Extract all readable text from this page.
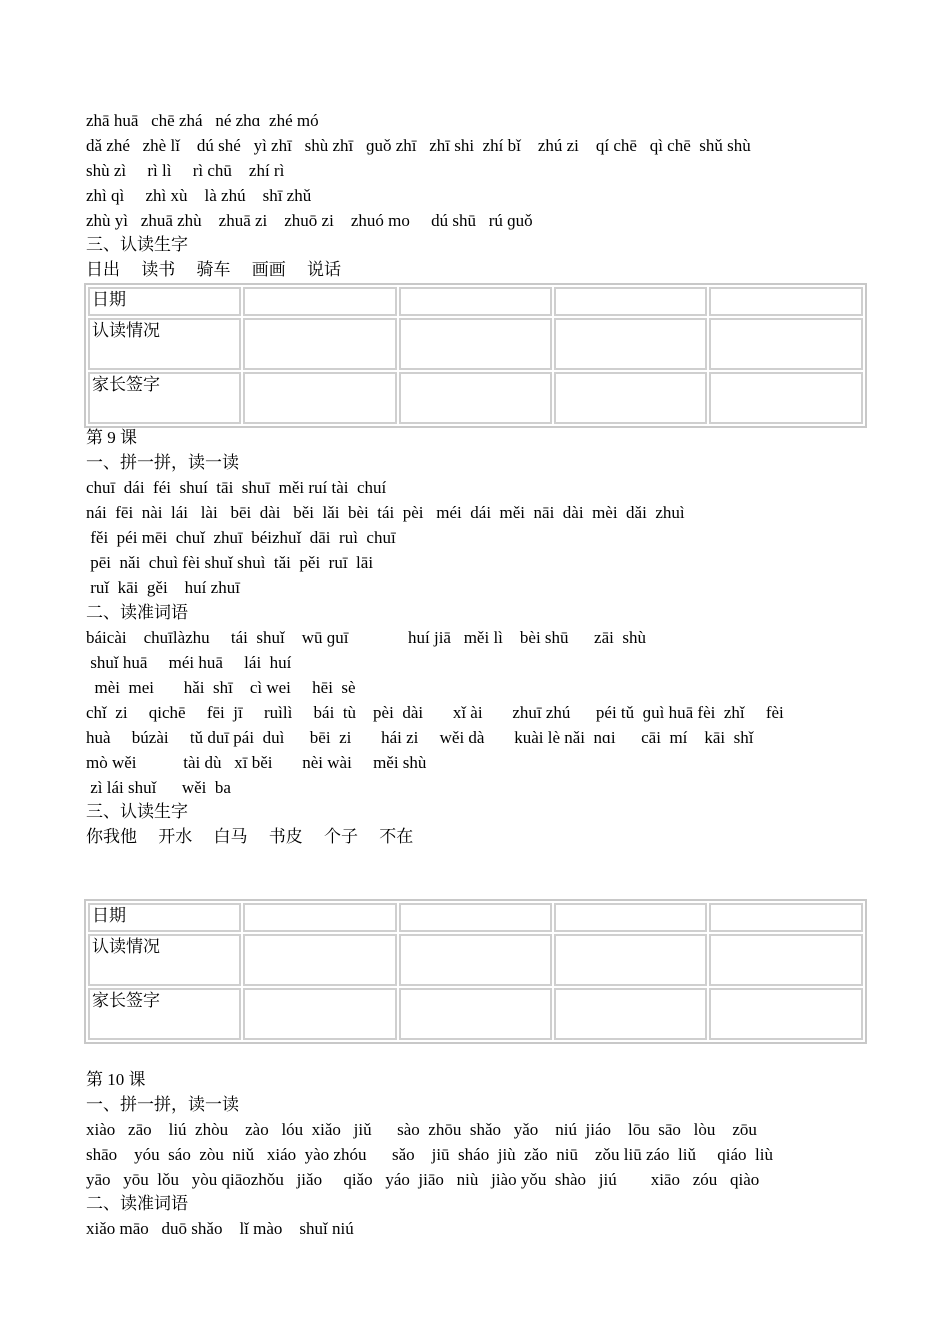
zhā huā   chē zhá   né zhɑ  zhé mó
dǎ zhé   zhè lǐ    dú shé   yì zhī   shù zhī   ɡuǒ zhī   zhī shi  zhí bǐ    zhú zi    qí chē   qì chē  shǔ shù
shù zì     rì lì     rì chū    zhí rì
zhì qì     zhì xù    là zhú    shī zhǔ
zhù yì   zhuā zhù    zhuā zi    zhuō zi    zhuó mo     dú shū   rú ɡuǒ
三、认读生字
日出     读书     骑车     画画     说话
日期				
认读情况				
家长签字				
第 9 课
一、拼一拼，读一读
chuī  dái  féi  shuí  tāi  shuī  měi ruí tài  chuí
nái  fēi  nài  lái   lài   bēi  dài   běi  lǎi  bèi  tái  pèi   méi  dái  měi  nāi  dài  mèi  dǎi  zhuì
fěi  péi mēi  chuǐ  zhuī  béizhuǐ  dāi  ruì  chuī
pēi  nǎi  chuì fèi shuǐ shuì  tǎi  pěi  ruī  lāi
ruǐ  kāi  gěi    huí zhuī
二、读准词语
báicài    chuīlàzhu     tái  shuǐ    wū ɡuī              huí jiā   měi lì    bèi shū      zāi  shù
shuǐ huā     méi huā     lái  huí
mèi  mei       hǎi  shī    cì wei     hēi  sè
chǐ  zi     qichē     fēi  jī     ruìlì     bái  tù    pèi  dài       xǐ ài       zhuī zhú      péi tǔ  ɡuì huā fèi  zhǐ     fèi
huà     búzài     tǔ duī pái  duì      bēi  zi       hái zi     wěi dà       kuài lè nǎi  nɑi      cāi  mí    kāi  shǐ
mò wěi           tài dù   xī běi       nèi wài     měi shù
zì lái shuǐ      wěi  ba
三、认读生字
你我他     开水     白马     书皮     个子     不在
日期				
认读情况				
家长签字				
第 10 课
一、拼一拼，读一读
xiào   zāo    liú  zhòu    zào   lóu  xiǎo   jiǔ      sào  zhōu  shǎo   yǎo    niú  jiáo    lōu  sāo   lòu    zōu
shāo    yóu  sáo  zòu  niǔ   xiáo  yào zhóu      sǎo    jiū  sháo  jiù  zǎo  niū    zǒu liū záo  liǔ     qiáo  liù
yāo   yōu  lǒu   yòu qiāozhǒu   jiǎo     qiǎo   yáo  jiāo   niù   jiào yǒu  shào   jiú        xiāo   zóu   qiào
二、读准词语
xiǎo māo   duō shǎo    lǐ mào    shuǐ niú
